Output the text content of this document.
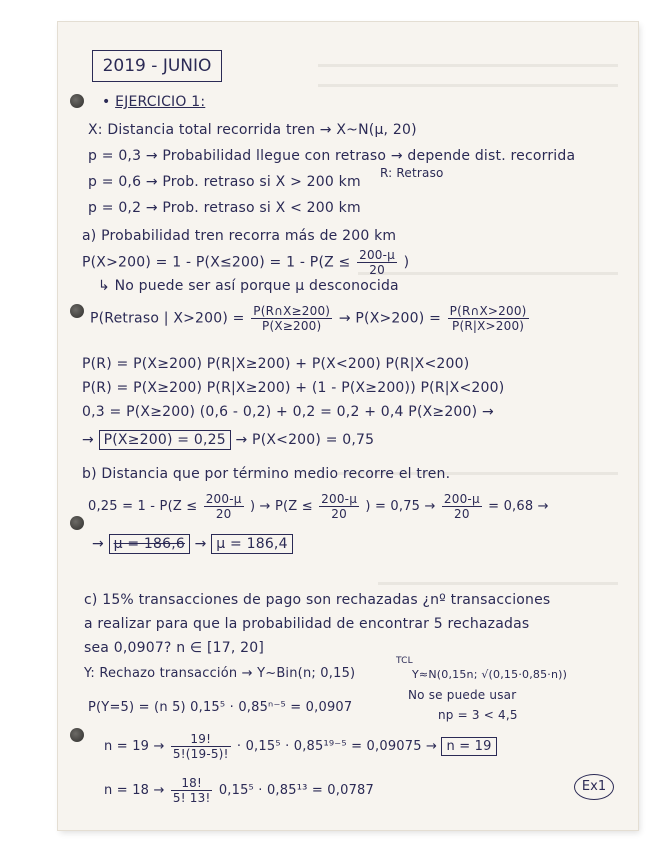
2019 - JUNIO
• EJERCICIO 1:
X: Distancia total recorrida tren → X~N(μ, 20)
p = 0,3 → Probabilidad llegue con retraso → depende dist. recorrida
R: Retraso
p = 0,6 → Prob. retraso si X > 200 km
p = 0,2 → Prob. retraso si X < 200 km
a) Probabilidad tren recorra más de 200 km
$P(X>200) = 1 - P(X\le 200) = 1 - P(Z \le \frac{200-\mu}{20}$ )
↳ No puede ser así porque μ desconocida
P(Retraso | $X>200) = \frac{P(R\cap X\ge 200)}{P(X\ge 200)} \to P(X>200) = \frac{P(R\cap X>200)}{P(R|X>200)}$
P(R) = P(X≥200) P(R|X≥200) + P(X<200) P(R|X<200)
P(R) = P(X≥200) P(R|X≥200) + (1 - P(X≥200)) P(R|X<200)
0,3 = P(X≥200) (0,6 - 0,2) + 0,2 = 0,2 + 0,4 P(X≥200) →
→ P(X≥200) = 0,25 → P(X<200) = 0,75
b) Distancia que por término medio recorre el tren.
$0,25 = 1 - P(Z \le \frac{200-\mu}{20}$ ) → $P(Z \le \frac{200-\mu}{20}$ ) = $0,75 \to \frac{200-\mu}{20} = 0,68$ →
→ μ = 186,6 → μ = 186,4
c) 15% transacciones de pago son rechazadas ¿nº transacciones
a realizar para que la probabilidad de encontrar 5 rechazadas
sea 0,0907? n ∈ [17, 20]
Y: Rechazo transacción → Y~Bin(n; 0,15)
TCL
Y≈N(0,15n; √(0,15·0,85·n))
No se puede usar
np = 3 < 4,5
P(Y=5) = (n 5) 0,15⁵ · 0,85ⁿ⁻⁵ = 0,0907
$n = 19 \to \frac{19!}{5!(19-5)!} \cdot 0,15^5 \cdot 0,85^{19-5} = 0,09075 \to n = 19$
$n = 18 \to \frac{18!}{5! 13!} 0,15^5 \cdot 0,85^{13} = 0,0787$	Ex1
